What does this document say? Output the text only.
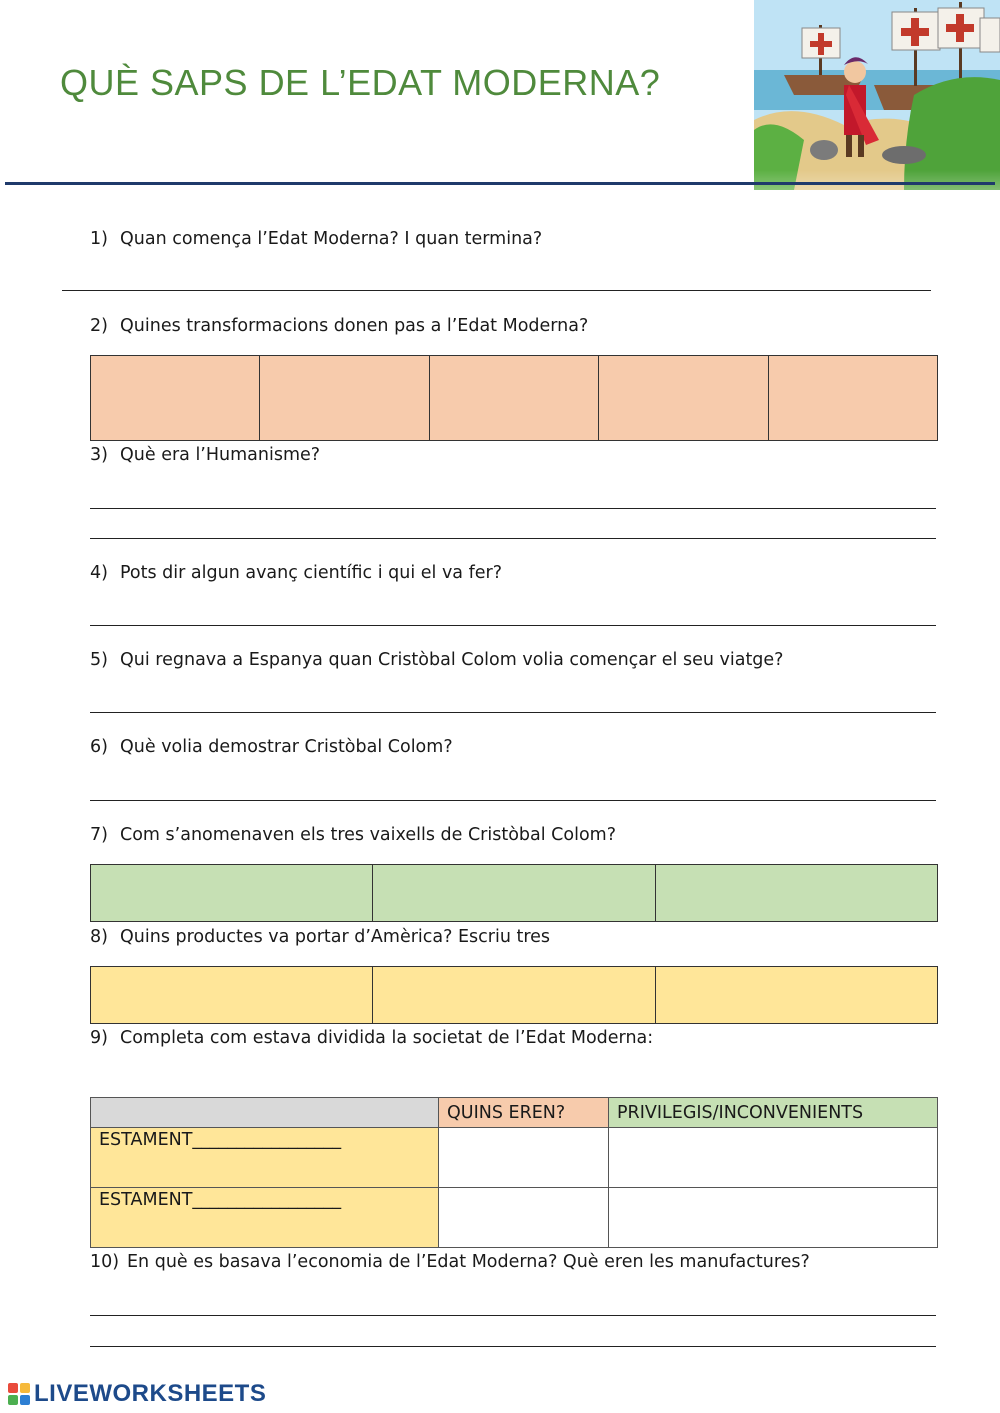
QUÈ SAPS DE L’EDAT MODERNA?
1) Quan comença l’Edat Moderna? I quan termina?
2) Quines transformacions donen pas a l’Edat Moderna?
3) Què era l’Humanisme?
4) Pots dir algun avanç científic i qui el va fer?
5) Qui regnava a Espanya quan Cristòbal Colom volia començar el seu viatge?
6) Què volia demostrar Cristòbal Colom?
7) Com s’anomenaven els tres vaixells de Cristòbal Colom?
8) Quins productes va portar d’Amèrica? Escriu tres
9) Completa com estava dividida la societat de l’Edat Moderna:
	QUINS EREN?	PRIVILEGIS/INCONVENIENTS
ESTAMENT_________________		
ESTAMENT_________________		
10) En què es basava l’economia de l’Edat Moderna? Què eren les manufactures?
LIVEWORKSHEETS
